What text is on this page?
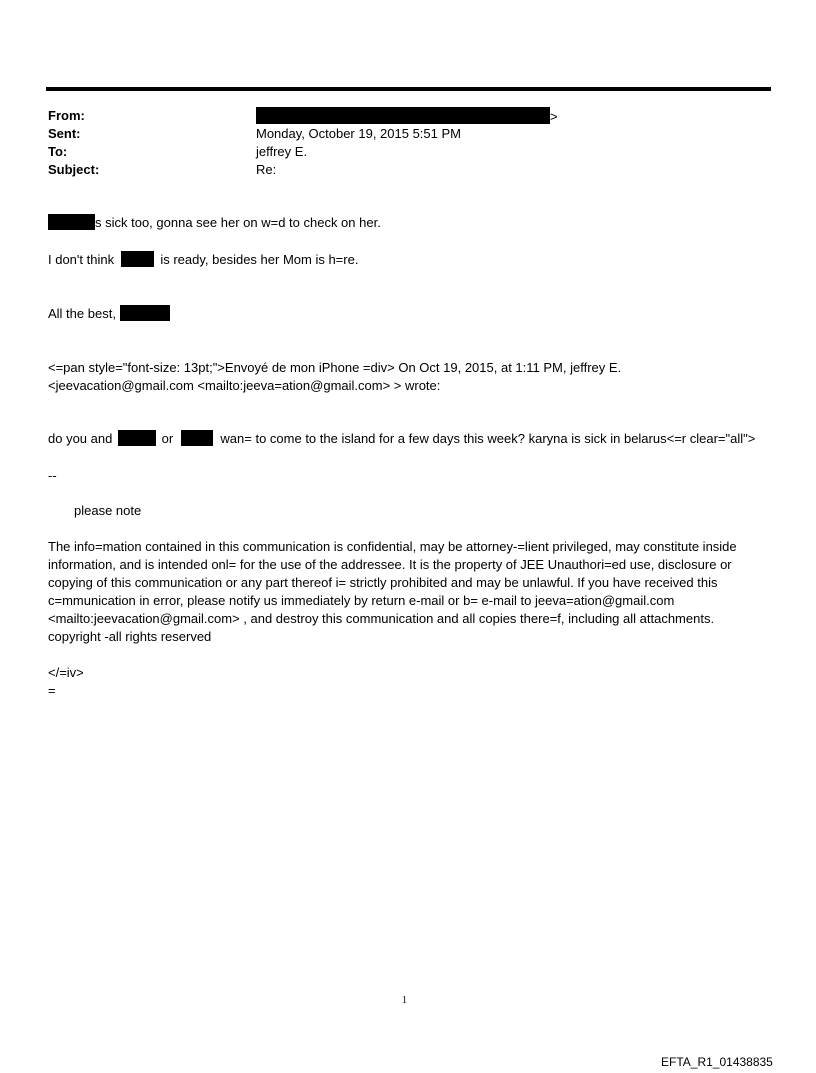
From:	>
Sent:	Monday, October 19, 2015 5:51 PM
To:	jeffrey E.
Subject:	Re:
s sick too, gonna see her on w=d to check on her.
I don't think	is ready, besides her Mom is h=re.
All the best,
<=pan style="font-size: 13pt;">Envoyé de mon iPhone =div> On Oct 19, 2015, at 1:11 PM, jeffrey E.
<jeevacation@gmail.com <mailto:jeeva=ation@gmail.com> > wrote:
do you and	or	wan= to come to the island for a few days this week? karyna is sick in belarus<=r clear="all">
--
please note
The info=mation contained in this communication is confidential, may be attorney-=lient privileged, may constitute inside information, and is intended onl= for the use of the addressee. It is the property of JEE Unauthori=ed use, disclosure or copying of this communication or any part thereof i= strictly prohibited and may be unlawful. If you have received this c=mmunication in error, please notify us immediately by return e-mail or b= e-mail to jeeva=ation@gmail.com <mailto:jeevacation@gmail.com> , and destroy this communication and all copies there=f, including all attachments. copyright -all rights reserved
</=iv>
=
1
EFTA_R1_01438835
